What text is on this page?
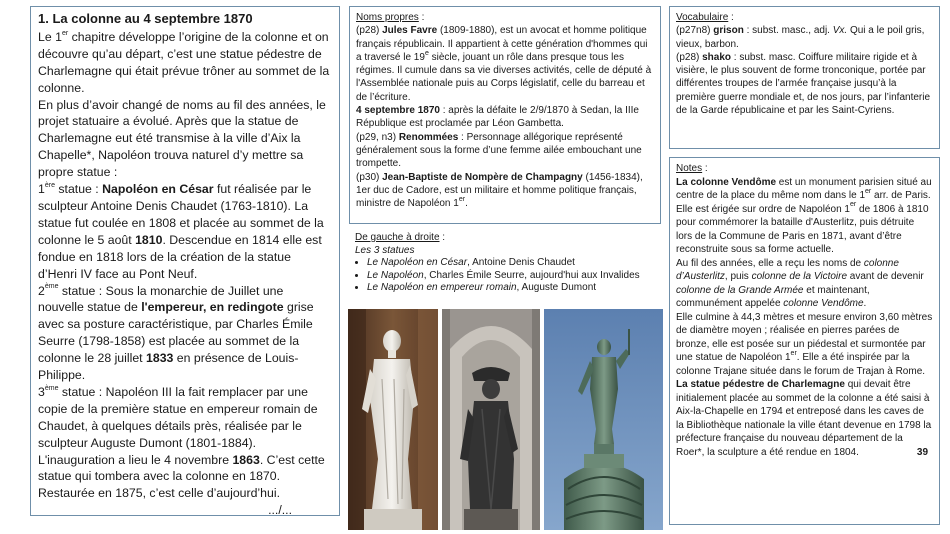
1. La colonne au 4 septembre 1870

Le 1er chapitre développe l’origine de la colonne et on découvre qu’au départ, c’est une statue pédestre de Charlemagne qui était prévue trôner au sommet de la colonne.

En plus d’avoir changé de noms au fil des années, le projet statuaire a évolué. Après que la statue de Charlemagne eut été transmise à la ville d’Aix la Chapelle*, Napoléon trouva naturel d’y mettre sa propre statue :

1ère statue : Napoléon en César fut réalisée par le sculpteur Antoine Denis Chaudet (1763-1810). La statue fut coulée en 1808 et placée au sommet de la colonne le 5 août 1810. Descendue en 1814 elle est fondue en 1818 lors de la création de la statue d’Henri IV face au Pont Neuf.

2ème statue : Sous la monarchie de Juillet une nouvelle statue de l'empereur, en redingote grise avec sa posture caractéristique, par Charles Émile Seurre (1798-1858) est placée au sommet de la colonne le 28 juillet 1833 en présence de Louis-Philippe.

3ème statue : Napoléon III la fait remplacer par une copie de la première statue en empereur romain de Chaudet, à quelques détails près, réalisée par le sculpteur Auguste Dumont (1801-1884).

L'inauguration a lieu le 4 novembre 1863. C’est cette statue qui tombera avec la colonne en 1870. Restaurée en 1875, c’est celle d’aujourd’hui.

.../...

Noms propres :

(p28) Jules Favre (1809-1880), est un avocat et homme politique français républicain. Il appartient à cette génération d'hommes qui a traversé le 19e siècle, jouant un rôle dans presque tous les régimes. Il cumule dans sa vie diverses activités, celle de député à l'Assemblée nationale puis au Corps législatif, celle du barreau et de l’écriture.

4 septembre 1870 : après la défaite le 2/9/1870 à Sedan, la IIIe République est proclamée par Léon Gambetta.

(p29, n3) Renommées : Personnage allégorique représenté généralement sous la forme d’une femme ailée embouchant une trompette.

(p30) Jean-Baptiste de Nompère de Champagny (1456-1834), 1er duc de Cadore, est un militaire et homme politique français, ministre de Napoléon 1er.

Vocabulaire :

(p27n8) grison : subst. masc., adj. Vx. Qui a le poil gris, vieux, barbon.

(p28) shako : subst. masc. Coiffure militaire rigide et à visière, le plus souvent de forme tronconique, portée par différentes troupes de l’armée française jusqu’à la première guerre mondiale et, de nos jours, par l’infanterie de la Garde républicaine et par les Saint-Cyriens.

Notes :

La colonne Vendôme est un monument parisien situé au centre de la place du même nom dans le 1er arr. de Paris. Elle est érigée sur ordre de Napoléon 1er de 1806 à 1810 pour commémorer la bataille d'Austerlitz, puis détruite lors de la Commune de Paris en 1871, avant d’être reconstruite sous sa forme actuelle.

Au fil des années, elle a reçu les noms de colonne d’Austerlitz, puis colonne de la Victoire avant de devenir colonne de la Grande Armée et maintenant, communément appelée colonne Vendôme.

Elle culmine à 44,3 mètres et mesure environ 3,60 mètres de diamètre moyen ; réalisée en pierres parées de bronze, elle est posée sur un piédestal et surmontée par une statue de Napoléon 1er. Elle a été inspirée par la colonne Trajane située dans le forum de Trajan à Rome.

La statue pédestre de Charlemagne qui devait être initialement placée au sommet de la colonne a été saisi à Aix-la-Chapelle en 1794 et entreposé dans les caves de la Bibliothèque nationale la ville étant devenue en 1798 la préfecture française du nouveau département de la Roer*, la sculpture a été rendue en 1804.	39

De gauche à droite :

Les 3 statues

• Le Napoléon en César, Antoine Denis Chaudet
• Le Napoléon, Charles Émile Seurre, aujourd'hui aux Invalides
• Le Napoléon en empereur romain, Auguste Dumont
